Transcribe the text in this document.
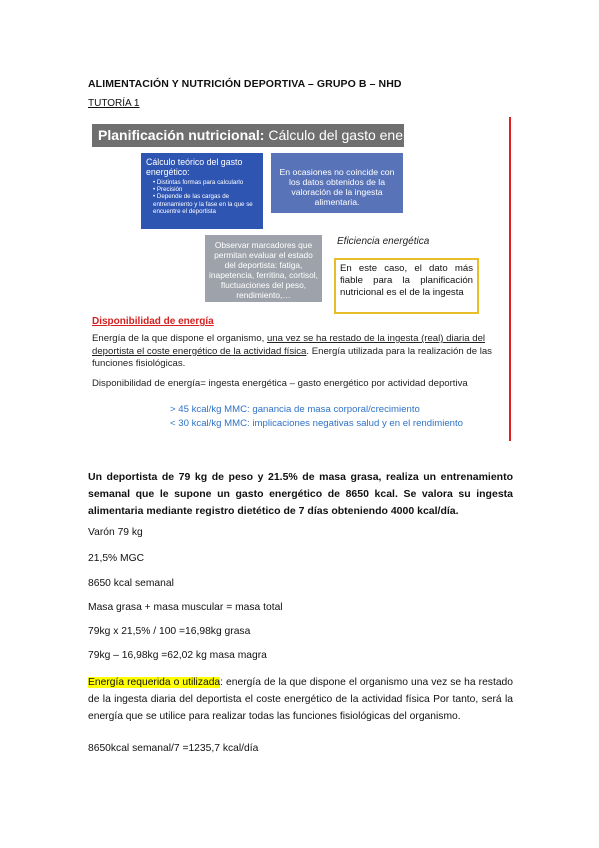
ALIMENTACIÓN Y NUTRICIÓN DEPORTIVA – GRUPO B – NHD
TUTORÍA 1
Planificación nutricional: Cálculo del gasto energético
Cálculo teórico del gasto energético:
• Distintas formas para calcularlo
• Precisión
• Depende de las cargas de entrenamiento y la fase en la que se encuentre el deportista
En ocasiones no coincide con los datos obtenidos de la valoración de la ingesta alimentaria.
Observar marcadores que permitan evaluar el estado del deportista: fatiga, inapetencia, ferritina, cortisol, fluctuaciones del peso, rendimiento,…
Eficiencia energética
En este caso, el dato más fiable para la planificación nutricional es el de la ingesta
Disponibilidad de energía
Energía de la que dispone el organismo, una vez se ha restado de la ingesta (real) diaria del deportista el coste energético de la actividad física. Energía utilizada para la realización de las funciones fisiológicas.
Disponibilidad de energía= ingesta energética – gasto energético por actividad deportiva
> 45 kcal/kg MMC: ganancia de masa corporal/crecimiento
< 30 kcal/kg MMC: implicaciones negativas salud y en el rendimiento
Un deportista de 79 kg de peso y 21.5% de masa grasa, realiza un entrenamiento semanal que le supone un gasto energético de 8650 kcal. Se valora su ingesta alimentaria mediante registro dietético de 7 días obteniendo 4000 kcal/día.
Varón 79 kg
21,5% MGC
8650 kcal semanal
Masa grasa + masa muscular = masa total
79kg x 21,5% / 100 =16,98kg grasa
79kg – 16,98kg =62,02 kg masa magra
Energía requerida o utilizada: energía de la que dispone el organismo una vez se ha restado de la ingesta diaria del deportista el coste energético de la actividad física Por tanto, será la energía que se utilice para realizar todas las funciones fisiológicas del organismo.
8650kcal semanal/7 =1235,7 kcal/día
